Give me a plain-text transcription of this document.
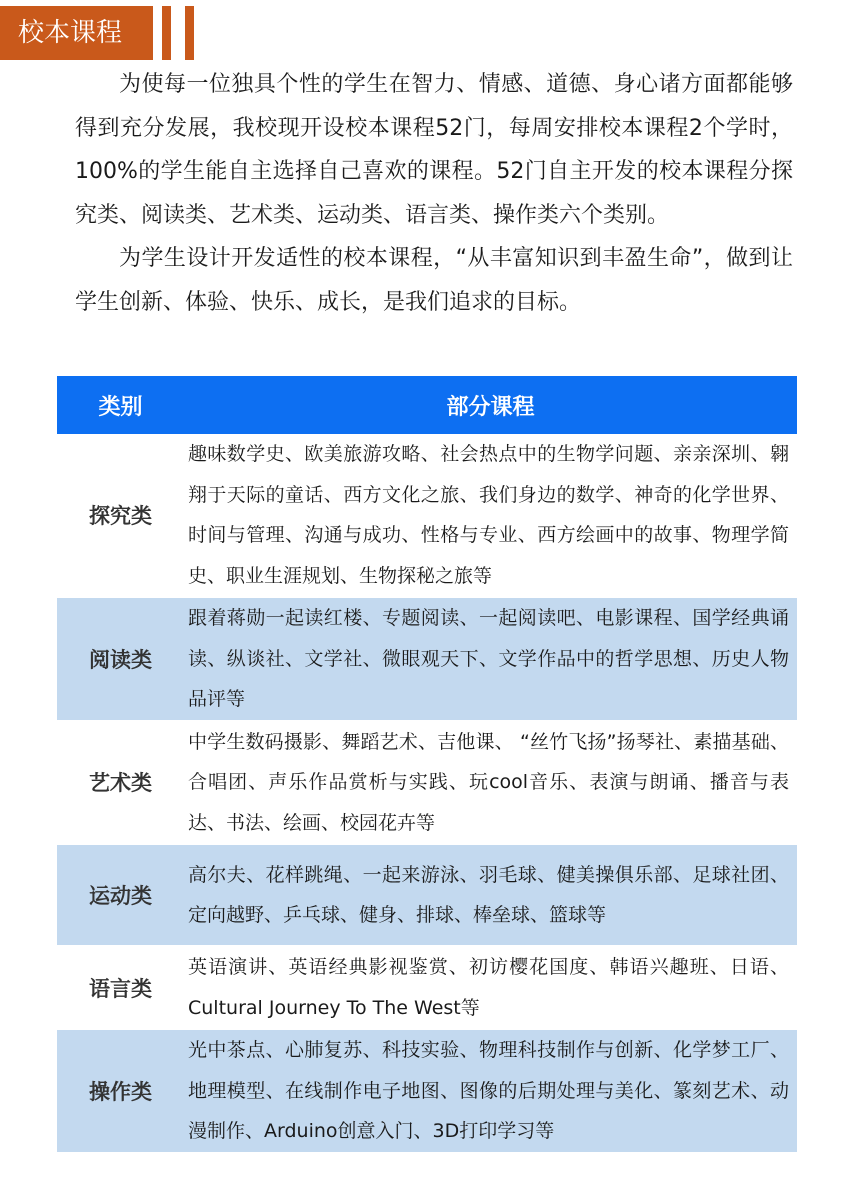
校本课程

为使每一位独具个性的学生在智力、情感、道德、身心诸方面都能够得到充分发展，我校现开设校本课程52门，每周安排校本课程2个学时，100%的学生能自主选择自己喜欢的课程。52门自主开发的校本课程分探究类、阅读类、艺术类、运动类、语言类、操作类六个类别。

为学生设计开发适性的校本课程，“从丰富知识到丰盈生命”，做到让学生创新、体验、快乐、成长，是我们追求的目标。

类别	部分课程
探究类	趣味数学史、欧美旅游攻略、社会热点中的生物学问题、亲亲深圳、翱翔于天际的童话、西方文化之旅、我们身边的数学、神奇的化学世界、时间与管理、沟通与成功、性格与专业、西方绘画中的故事、物理学简史、职业生涯规划、生物探秘之旅等
阅读类	跟着蒋勋一起读红楼、专题阅读、一起阅读吧、电影课程、国学经典诵读、纵谈社、文学社、微眼观天下、文学作品中的哲学思想、历史人物品评等
艺术类	中学生数码摄影、舞蹈艺术、吉他课、 “丝竹飞扬”扬琴社、素描基础、合唱团、声乐作品赏析与实践、玩cool音乐、表演与朗诵、播音与表达、书法、绘画、校园花卉等
运动类	高尔夫、花样跳绳、一起来游泳、羽毛球、健美操俱乐部、足球社团、定向越野、乒乓球、健身、排球、棒垒球、篮球等
语言类	英语演讲、英语经典影视鉴赏、初访樱花国度、韩语兴趣班、日语、Cultural Journey To The West等
操作类	光中茶点、心肺复苏、科技实验、物理科技制作与创新、化学梦工厂、地理模型、在线制作电子地图、图像的后期处理与美化、篆刻艺术、动漫制作、Arduino创意入门、3D打印学习等
